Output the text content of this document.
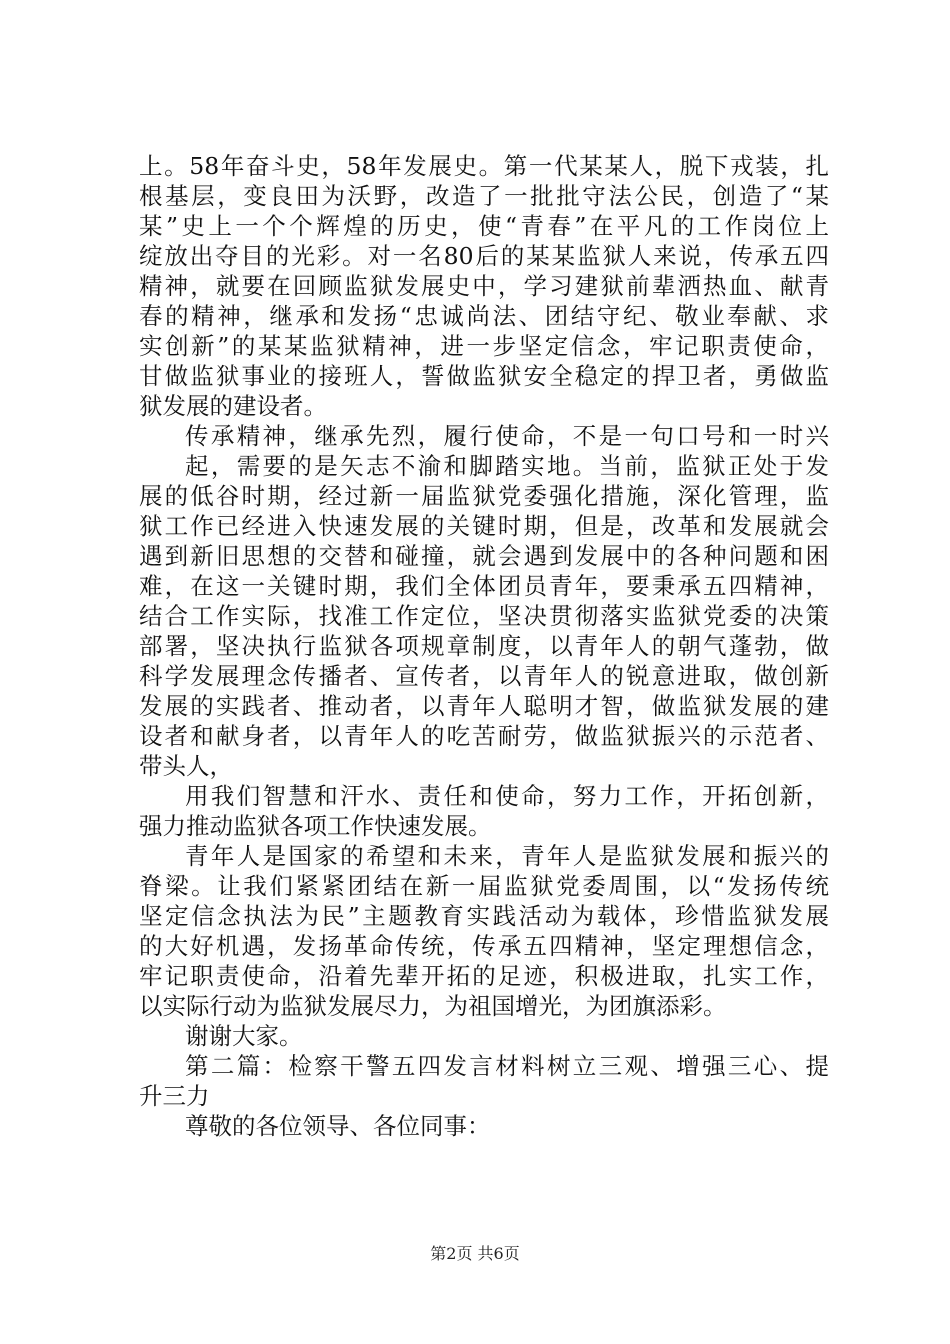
上。58年奋斗史，58年发展史。第一代某某人，脱下戎装，扎
根基层，变良田为沃野，改造了一批批守法公民，创造了“某
某”史上一个个辉煌的历史，使“青春”在平凡的工作岗位上
绽放出夺目的光彩。对一名80后的某某监狱人来说，传承五四
精神，就要在回顾监狱发展史中，学习建狱前辈洒热血、献青
春的精神，继承和发扬“忠诚尚法、团结守纪、敬业奉献、求
实创新”的某某监狱精神，进一步坚定信念，牢记职责使命，
甘做监狱事业的接班人，誓做监狱安全稳定的捍卫者，勇做监
狱发展的建设者。
传承精神，继承先烈，履行使命，不是一句口号和一时兴
起，需要的是矢志不渝和脚踏实地。当前，监狱正处于发
展的低谷时期，经过新一届监狱党委强化措施，深化管理，监
狱工作已经进入快速发展的关键时期，但是，改革和发展就会
遇到新旧思想的交替和碰撞，就会遇到发展中的各种问题和困
难，在这一关键时期，我们全体团员青年，要秉承五四精神，
结合工作实际，找准工作定位，坚决贯彻落实监狱党委的决策
部署，坚决执行监狱各项规章制度，以青年人的朝气蓬勃，做
科学发展理念传播者、宣传者，以青年人的锐意进取，做创新
发展的实践者、推动者，以青年人聪明才智，做监狱发展的建
设者和献身者，以青年人的吃苦耐劳，做监狱振兴的示范者、
带头人，
用我们智慧和汗水、责任和使命，努力工作，开拓创新，
强力推动监狱各项工作快速发展。
青年人是国家的希望和未来，青年人是监狱发展和振兴的
脊梁。让我们紧紧团结在新一届监狱党委周围，以“发扬传统
坚定信念执法为民”主题教育实践活动为载体，珍惜监狱发展
的大好机遇，发扬革命传统，传承五四精神，坚定理想信念，
牢记职责使命，沿着先辈开拓的足迹，积极进取，扎实工作，
以实际行动为监狱发展尽力，为祖国增光，为团旗添彩。
谢谢大家。
第二篇：检察干警五四发言材料树立三观、增强三心、提
升三力
尊敬的各位领导、各位同事：
第2页 共6页
